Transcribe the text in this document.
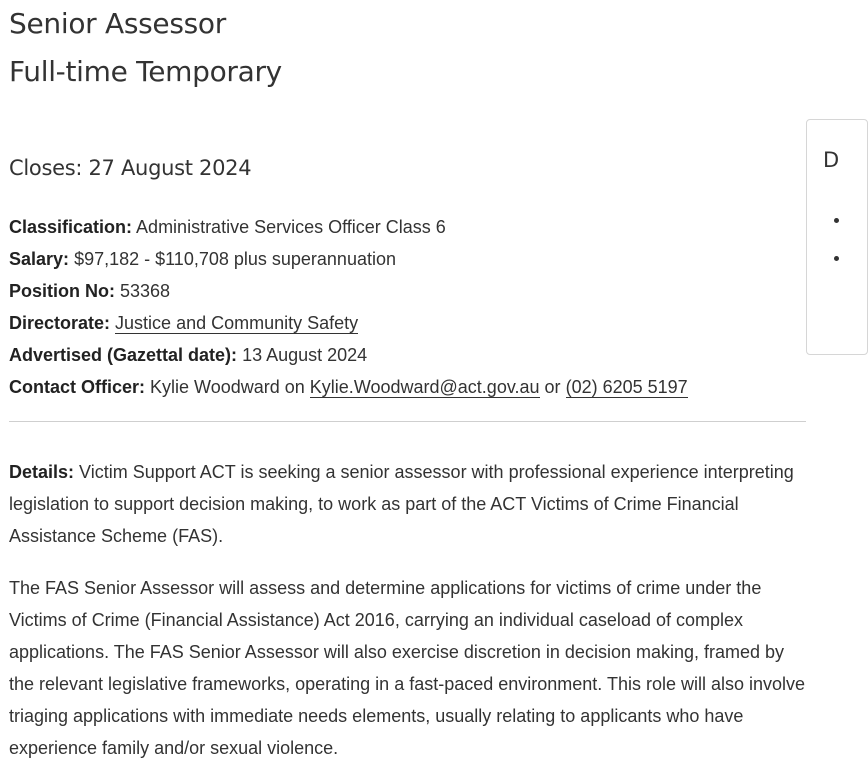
Senior Assessor
Full-time Temporary
Closes: 27 August 2024
Classification: Administrative Services Officer Class 6
Salary: $97,182 - $110,708 plus superannuation
Position No: 53368
Directorate: Justice and Community Safety
Advertised (Gazettal date): 13 August 2024
Contact Officer: Kylie Woodward on Kylie.Woodward@act.gov.au or (02) 6205 5197

Details: Victim Support ACT is seeking a senior assessor with professional experience interpreting legislation to support decision making, to work as part of the ACT Victims of Crime Financial Assistance Scheme (FAS).

The FAS Senior Assessor will assess and determine applications for victims of crime under the Victims of Crime (Financial Assistance) Act 2016, carrying an individual caseload of complex applications. The FAS Senior Assessor will also exercise discretion in decision making, framed by the relevant legislative frameworks, operating in a fast-paced environment. This role will also involve triaging applications with immediate needs elements, usually relating to applicants who have experience family and/or sexual violence.

D
